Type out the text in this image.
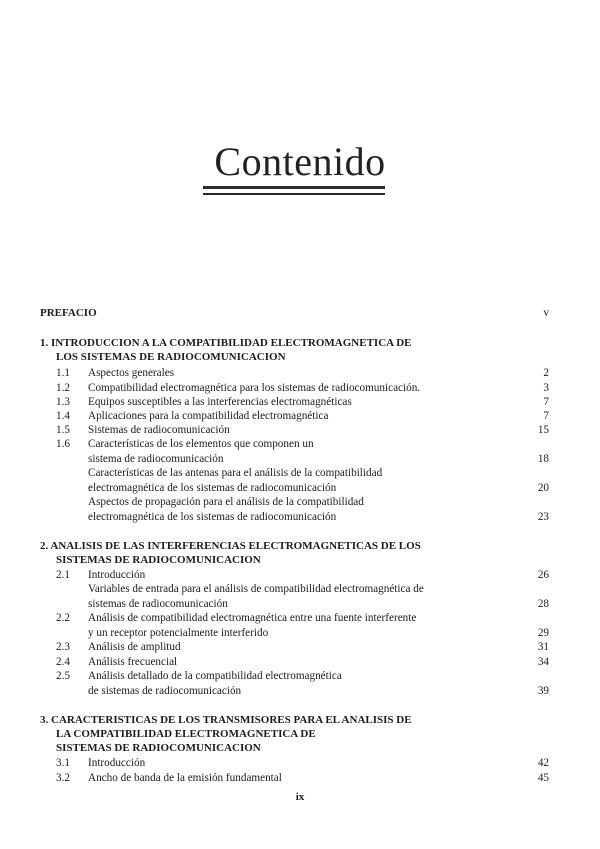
Contenido
PREFACIO	v
1. INTRODUCCION A LA COMPATIBILIDAD ELECTROMAGNETICA DE
LOS SISTEMAS DE RADIOCOMUNICACION
1.1 Aspectos generales	2
1.2 Compatibilidad electromagnética para los sistemas de radiocomunicación.	3
1.3 Equipos susceptibles a las interferencias electromagnéticas	7
1.4 Aplicaciones para la compatibilidad electromagnética	7
1.5 Sistemas de radiocomunicación	15
1.6 Características de los elementos que componen un
sistema de radiocomunicación	18
Características de las antenas para el análisis de la compatibilidad
electromagnética de los sistemas de radiocomunicación	20
Aspectos de propagación para el análisis de la compatibilidad
electromagnética de los sistemas de radiocomunicación	23
2. ANALISIS DE LAS INTERFERENCIAS ELECTROMAGNETICAS DE LOS
SISTEMAS DE RADIOCOMUNICACION
2.1 Introducción	26
Variables de entrada para el análisis de compatibilidad electromagnética de
sistemas de radiocomunicación	28
2.2 Análisis de compatibilidad electromagnética entre una fuente interferente
y un receptor potencialmente interferido	29
2.3 Análisis de amplitud	31
2.4 Análisis frecuencial	34
2.5 Análisis detallado de la compatibilidad electromagnética
de sistemas de radiocomunicación	39
3. CARACTERISTICAS DE LOS TRANSMISORES PARA EL ANALISIS DE
LA COMPATIBILIDAD ELECTROMAGNETICA DE
SISTEMAS DE RADIOCOMUNICACION
3.1 Introducción	42
3.2 Ancho de banda de la emisión fundamental	45
ix
